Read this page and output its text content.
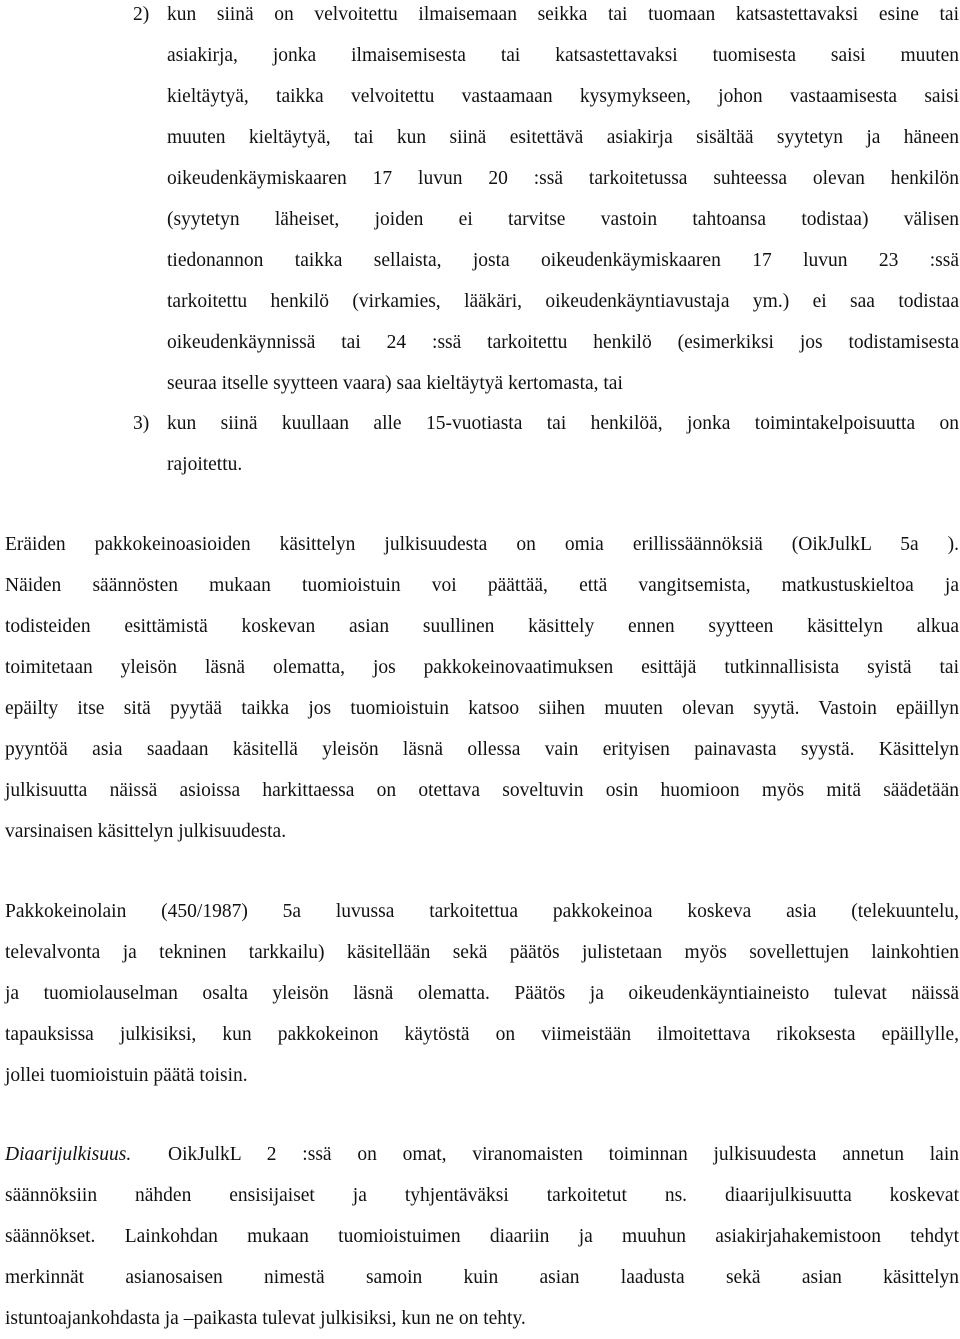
2) kun siinä on velvoitettu ilmaisemaan seikka tai tuomaan katsastettavaksi esine tai
asiakirja, jonka ilmaisemisesta tai katsastettavaksi tuomisesta saisi muuten
kieltäytyä, taikka velvoitettu vastaamaan kysymykseen, johon vastaamisesta saisi
muuten kieltäytyä, tai kun siinä esitettävä asiakirja sisältää syytetyn ja häneen
oikeudenkäymiskaaren 17 luvun 20 :ssä tarkoitetussa suhteessa olevan henkilön
(syytetyn läheiset, joiden ei tarvitse vastoin tahtoansa todistaa) välisen
tiedonannon taikka sellaista, josta oikeudenkäymiskaaren 17 luvun 23 :ssä
tarkoitettu henkilö (virkamies, lääkäri, oikeudenkäyntiavustaja ym.) ei saa todistaa
oikeudenkäynnissä tai 24 :ssä tarkoitettu henkilö (esimerkiksi jos todistamisesta
seuraa itselle syytteen vaara) saa kieltäytyä kertomasta, tai
3) kun siinä kuullaan alle 15-vuotiasta tai henkilöä, jonka toimintakelpoisuutta on
rajoitettu.
Eräiden pakkokeinoasioiden käsittelyn julkisuudesta on omia erillissäännöksiä (OikJulkL 5a ).
Näiden säännösten mukaan tuomioistuin voi päättää, että vangitsemista, matkustuskieltoa ja
todisteiden esittämistä koskevan asian suullinen käsittely ennen syytteen käsittelyn alkua
toimitetaan yleisön läsnä olematta, jos pakkokeinovaatimuksen esittäjä tutkinnallisista syistä tai
epäilty itse sitä pyytää taikka jos tuomioistuin katsoo siihen muuten olevan syytä. Vastoin epäillyn
pyyntöä asia saadaan käsitellä yleisön läsnä ollessa vain erityisen painavasta syystä. Käsittelyn
julkisuutta näissä asioissa harkittaessa on otettava soveltuvin osin huomioon myös mitä säädetään
varsinaisen käsittelyn julkisuudesta.
Pakkokeinolain (450/1987) 5a luvussa tarkoitettua pakkokeinoa koskeva asia (telekuuntelu,
televalvonta ja tekninen tarkkailu) käsitellään sekä päätös julistetaan myös sovellettujen lainkohtien
ja tuomiolauselman osalta yleisön läsnä olematta. Päätös ja oikeudenkäyntiaineisto tulevat näissä
tapauksissa julkisiksi, kun pakkokeinon käytöstä on viimeistään ilmoitettava rikoksesta epäillylle,
jollei tuomioistuin päätä toisin.
Diaarijulkisuus. OikJulkL 2 :ssä on omat, viranomaisten toiminnan julkisuudesta annetun lain
säännöksiin nähden ensisijaiset ja tyhjentäväksi tarkoitetut ns. diaarijulkisuutta koskevat
säännökset. Lainkohdan mukaan tuomioistuimen diaariin ja muuhun asiakirjahakemistoon tehdyt
merkinnät asianosaisen nimestä samoin kuin asian laadusta sekä asian käsittelyn
istuntoajankohdasta ja –paikasta tulevat julkisiksi, kun ne on tehty.
